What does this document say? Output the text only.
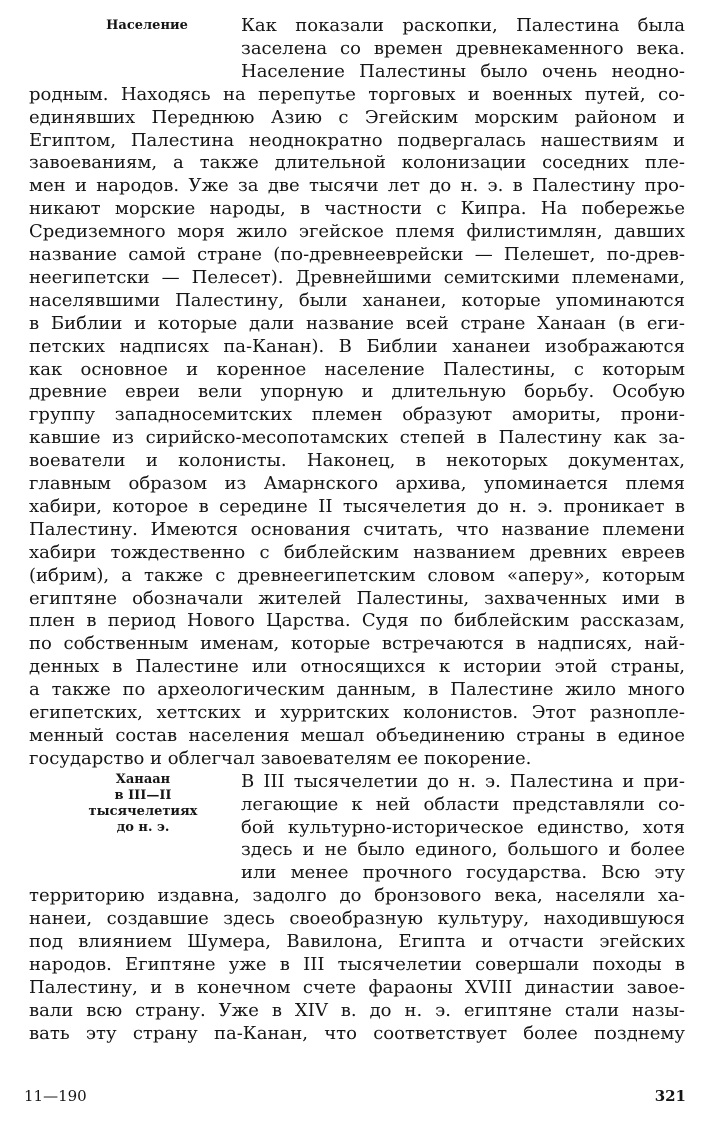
Население
Ханаан
в III—II
тысячелетиях
до н. э.
Как показали раскопки, Палестина была
заселена со времен древнекаменного века.
Население Палестины было очень неодно-
родным. Находясь на перепутье торговых и военных путей, со-
единявших Переднюю Азию с Эгейским морским районом и
Египтом, Палестина неоднократно подвергалась нашествиям и
завоеваниям, а также длительной колонизации соседних пле-
мен и народов. Уже за две тысячи лет до н. э. в Палестину про-
никают морские народы, в частности с Кипра. На побережье
Средиземного моря жило эгейское племя филистимлян, давших
название самой стране (по-древнееврейски — Пелешет, по-древ-
неегипетски — Пелесет). Древнейшими семитскими племенами,
населявшими Палестину, были хананеи, которые упоминаются
в Библии и которые дали название всей стране Ханаан (в еги-
петских надписях па-Канан). В Библии хананеи изображаются
как основное и коренное население Палестины, с которым
древние евреи вели упорную и длительную борьбу. Особую
группу западносемитских племен образуют амориты, прони-
кавшие из сирийско-месопотамских степей в Палестину как за-
воеватели и колонисты. Наконец, в некоторых документах,
главным образом из Амарнского архива, упоминается племя
хабири, которое в середине II тысячелетия до н. э. проникает в
Палестину. Имеются основания считать, что название племени
хабири тождественно с библейским названием древних евреев
(ибрим), а также с древнеегипетским словом «аперу», которым
египтяне обозначали жителей Палестины, захваченных ими в
плен в период Нового Царства. Судя по библейским рассказам,
по собственным именам, которые встречаются в надписях, най-
денных в Палестине или относящихся к истории этой страны,
а также по археологическим данным, в Палестине жило много
египетских, хеттских и хурритских колонистов. Этот разнопле-
менный состав населения мешал объединению страны в единое
государство и облегчал завоевателям ее покорение.
В III тысячелетии до н. э. Палестина и при-
легающие к ней области представляли со-
бой культурно-историческое единство, хотя
здесь и не было единого, большого и более
или менее прочного государства. Всю эту
территорию издавна, задолго до бронзового века, населяли ха-
нанеи, создавшие здесь своеобразную культуру, находившуюся
под влиянием Шумера, Вавилона, Египта и отчасти эгейских
народов. Египтяне уже в III тысячелетии совершали походы в
Палестину, и в конечном счете фараоны XVIII династии завое-
вали всю страну. Уже в XIV в. до н. э. египтяне стали назы-
вать эту страну па-Канан, что соответствует более позднему
11—190	321
